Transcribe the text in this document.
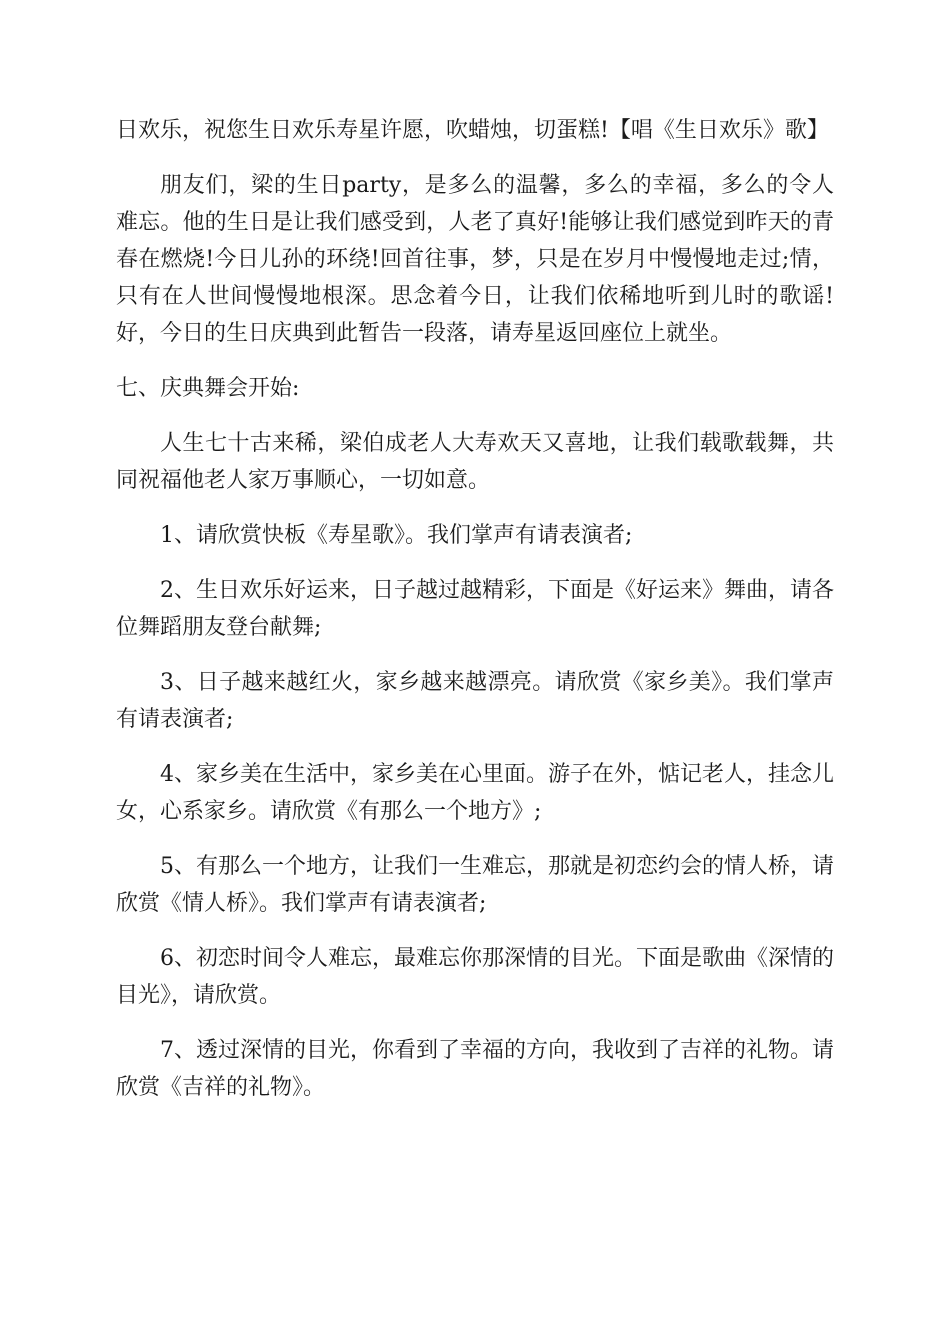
日欢乐，祝您生日欢乐寿星许愿，吹蜡烛，切蛋糕!【唱《生日欢乐》歌】

朋友们，梁的生日party，是多么的温馨，多么的幸福，多么的令人难忘。他的生日是让我们感受到，人老了真好!能够让我们感觉到昨天的青春在燃烧!今日儿孙的环绕!回首往事，梦，只是在岁月中慢慢地走过;情，只有在人世间慢慢地根深。思念着今日，让我们依稀地听到儿时的歌谣!好，今日的生日庆典到此暂告一段落，请寿星返回座位上就坐。

七、庆典舞会开始:

人生七十古来稀，梁伯成老人大寿欢天又喜地，让我们载歌载舞，共同祝福他老人家万事顺心，一切如意。

1、请欣赏快板《寿星歌》。我们掌声有请表演者;

2、生日欢乐好运来，日子越过越精彩，下面是《好运来》舞曲，请各位舞蹈朋友登台献舞;

3、日子越来越红火，家乡越来越漂亮。请欣赏《家乡美》。我们掌声有请表演者;

4、家乡美在生活中，家乡美在心里面。游子在外，惦记老人，挂念儿女，心系家乡。请欣赏《有那么一个地方》;

5、有那么一个地方，让我们一生难忘，那就是初恋约会的情人桥，请欣赏《情人桥》。我们掌声有请表演者;

6、初恋时间令人难忘，最难忘你那深情的目光。下面是歌曲《深情的目光》，请欣赏。

7、透过深情的目光，你看到了幸福的方向，我收到了吉祥的礼物。请欣赏《吉祥的礼物》。
